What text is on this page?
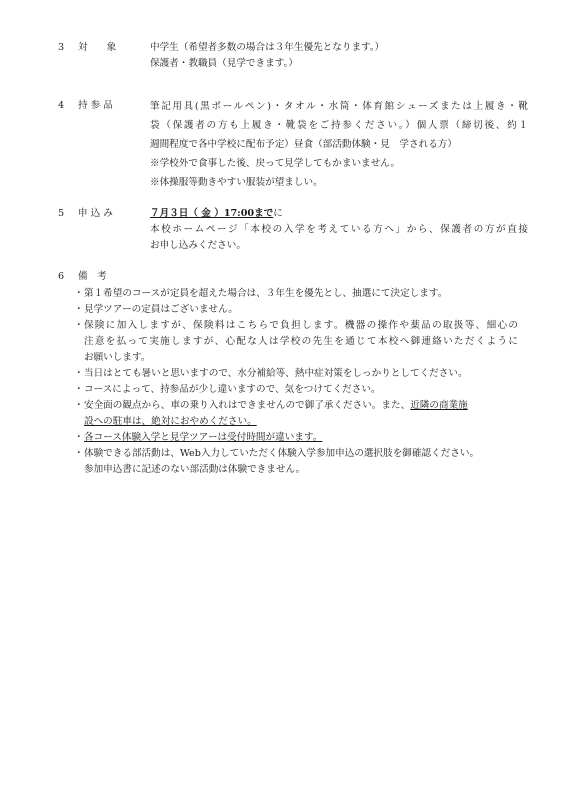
3	対　　象	中学生（希望者多数の場合は３年生優先となります。）
保護者・教職員（見学できます。）
4	持 参 品	筆記用具(黒ボールペン)・タオル・水筒・体育館シューズまたは上履き・靴
袋（保護者の方も上履き・靴袋をご持参ください。）個人票（締切後、約１
週間程度で各中学校に配布予定）昼食（部活動体験・見　学される方）
※学校外で食事した後、戻って見学してもかまいません。
※体操服等動きやすい服装が望ましい。
5	申 込 み	７月３日（ 金 ）17:00までに
本校ホームページ「本校の入学を考えている方へ」から、保護者の方が直接
お申し込みください。
6	備　考
・ 第１希望のコースが定員を超えた場合は、３年生を優先とし、抽選にて決定します。
・ 見学ツアーの定員はございません。
・ 保険に加入しますが、保険料はこちらで負担します。機器の操作や薬品の取扱等、細心の
注意を払って実施しますが、心配な人は学校の先生を通じて本校へ御連絡いただくように
お願いします。
・ 当日はとても暑いと思いますので、水分補給等、熱中症対策をしっかりとしてください。
・ コースによって、持参品が少し違いますので、気をつけてください。
・ 安全面の観点から、車の乗り入れはできませんので御了承ください。また、近隣の商業施
設への駐車は、絶対におやめください。
・ 各コース体験入学と見学ツアーは受付時間が違います。
・ 体験できる部活動は、Web入力していただく体験入学参加申込の選択肢を御確認ください。
参加申込書に記述のない部活動は体験できません。
